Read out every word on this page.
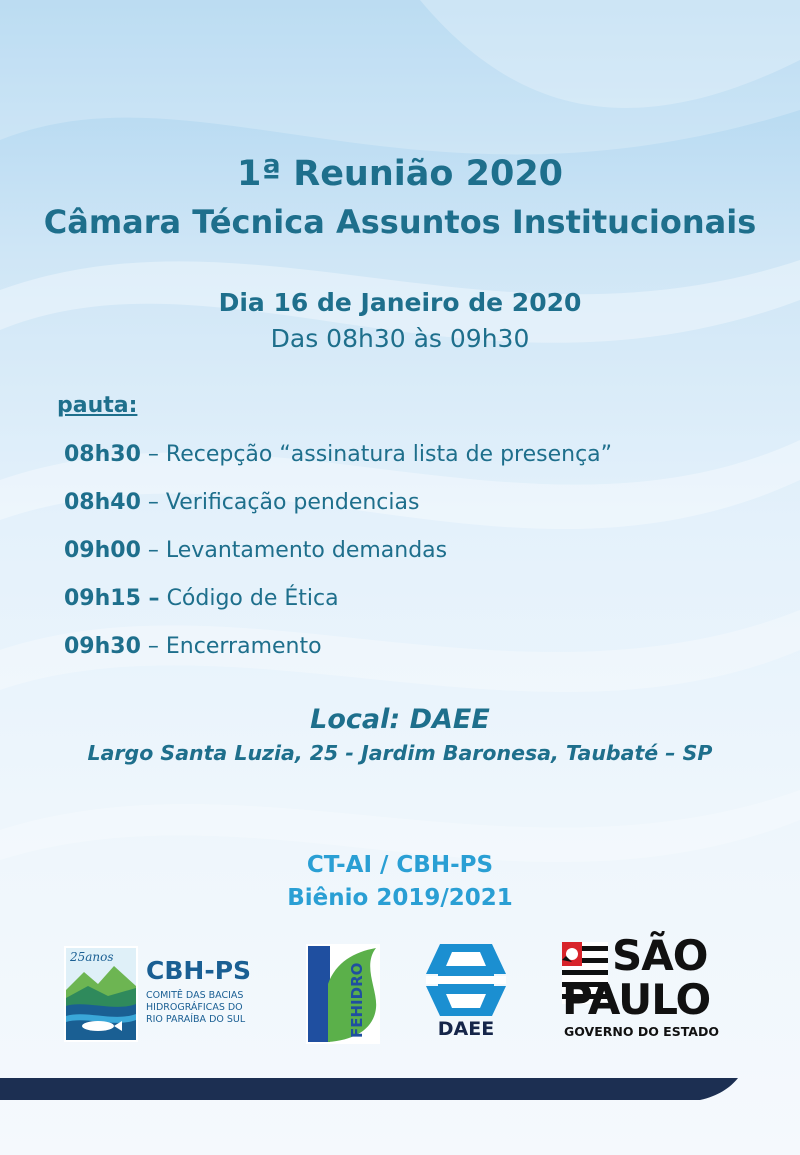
1ª Reunião 2020
Câmara Técnica Assuntos Institucionais
Dia 16 de Janeiro de 2020
Das 08h30 às 09h30
pauta:
08h30 – Recepção “assinatura lista de presença”
08h40 – Verificação pendencias
09h00 – Levantamento demandas
09h15 – Código de Ética
09h30 – Encerramento
Local: DAEE
Largo Santa Luzia, 25 - Jardim Baronesa, Taubaté – SP
CT-AI / CBH-PS
Biênio 2019/2021
25anos CBH-PS
COMITÊ DAS BACIAS
HIDROGRÁFICAS DO
RIO PARAÍBA DO SUL	FEHIDRO	DAEE
SÃO
PAULO
GOVERNO DO ESTADO
